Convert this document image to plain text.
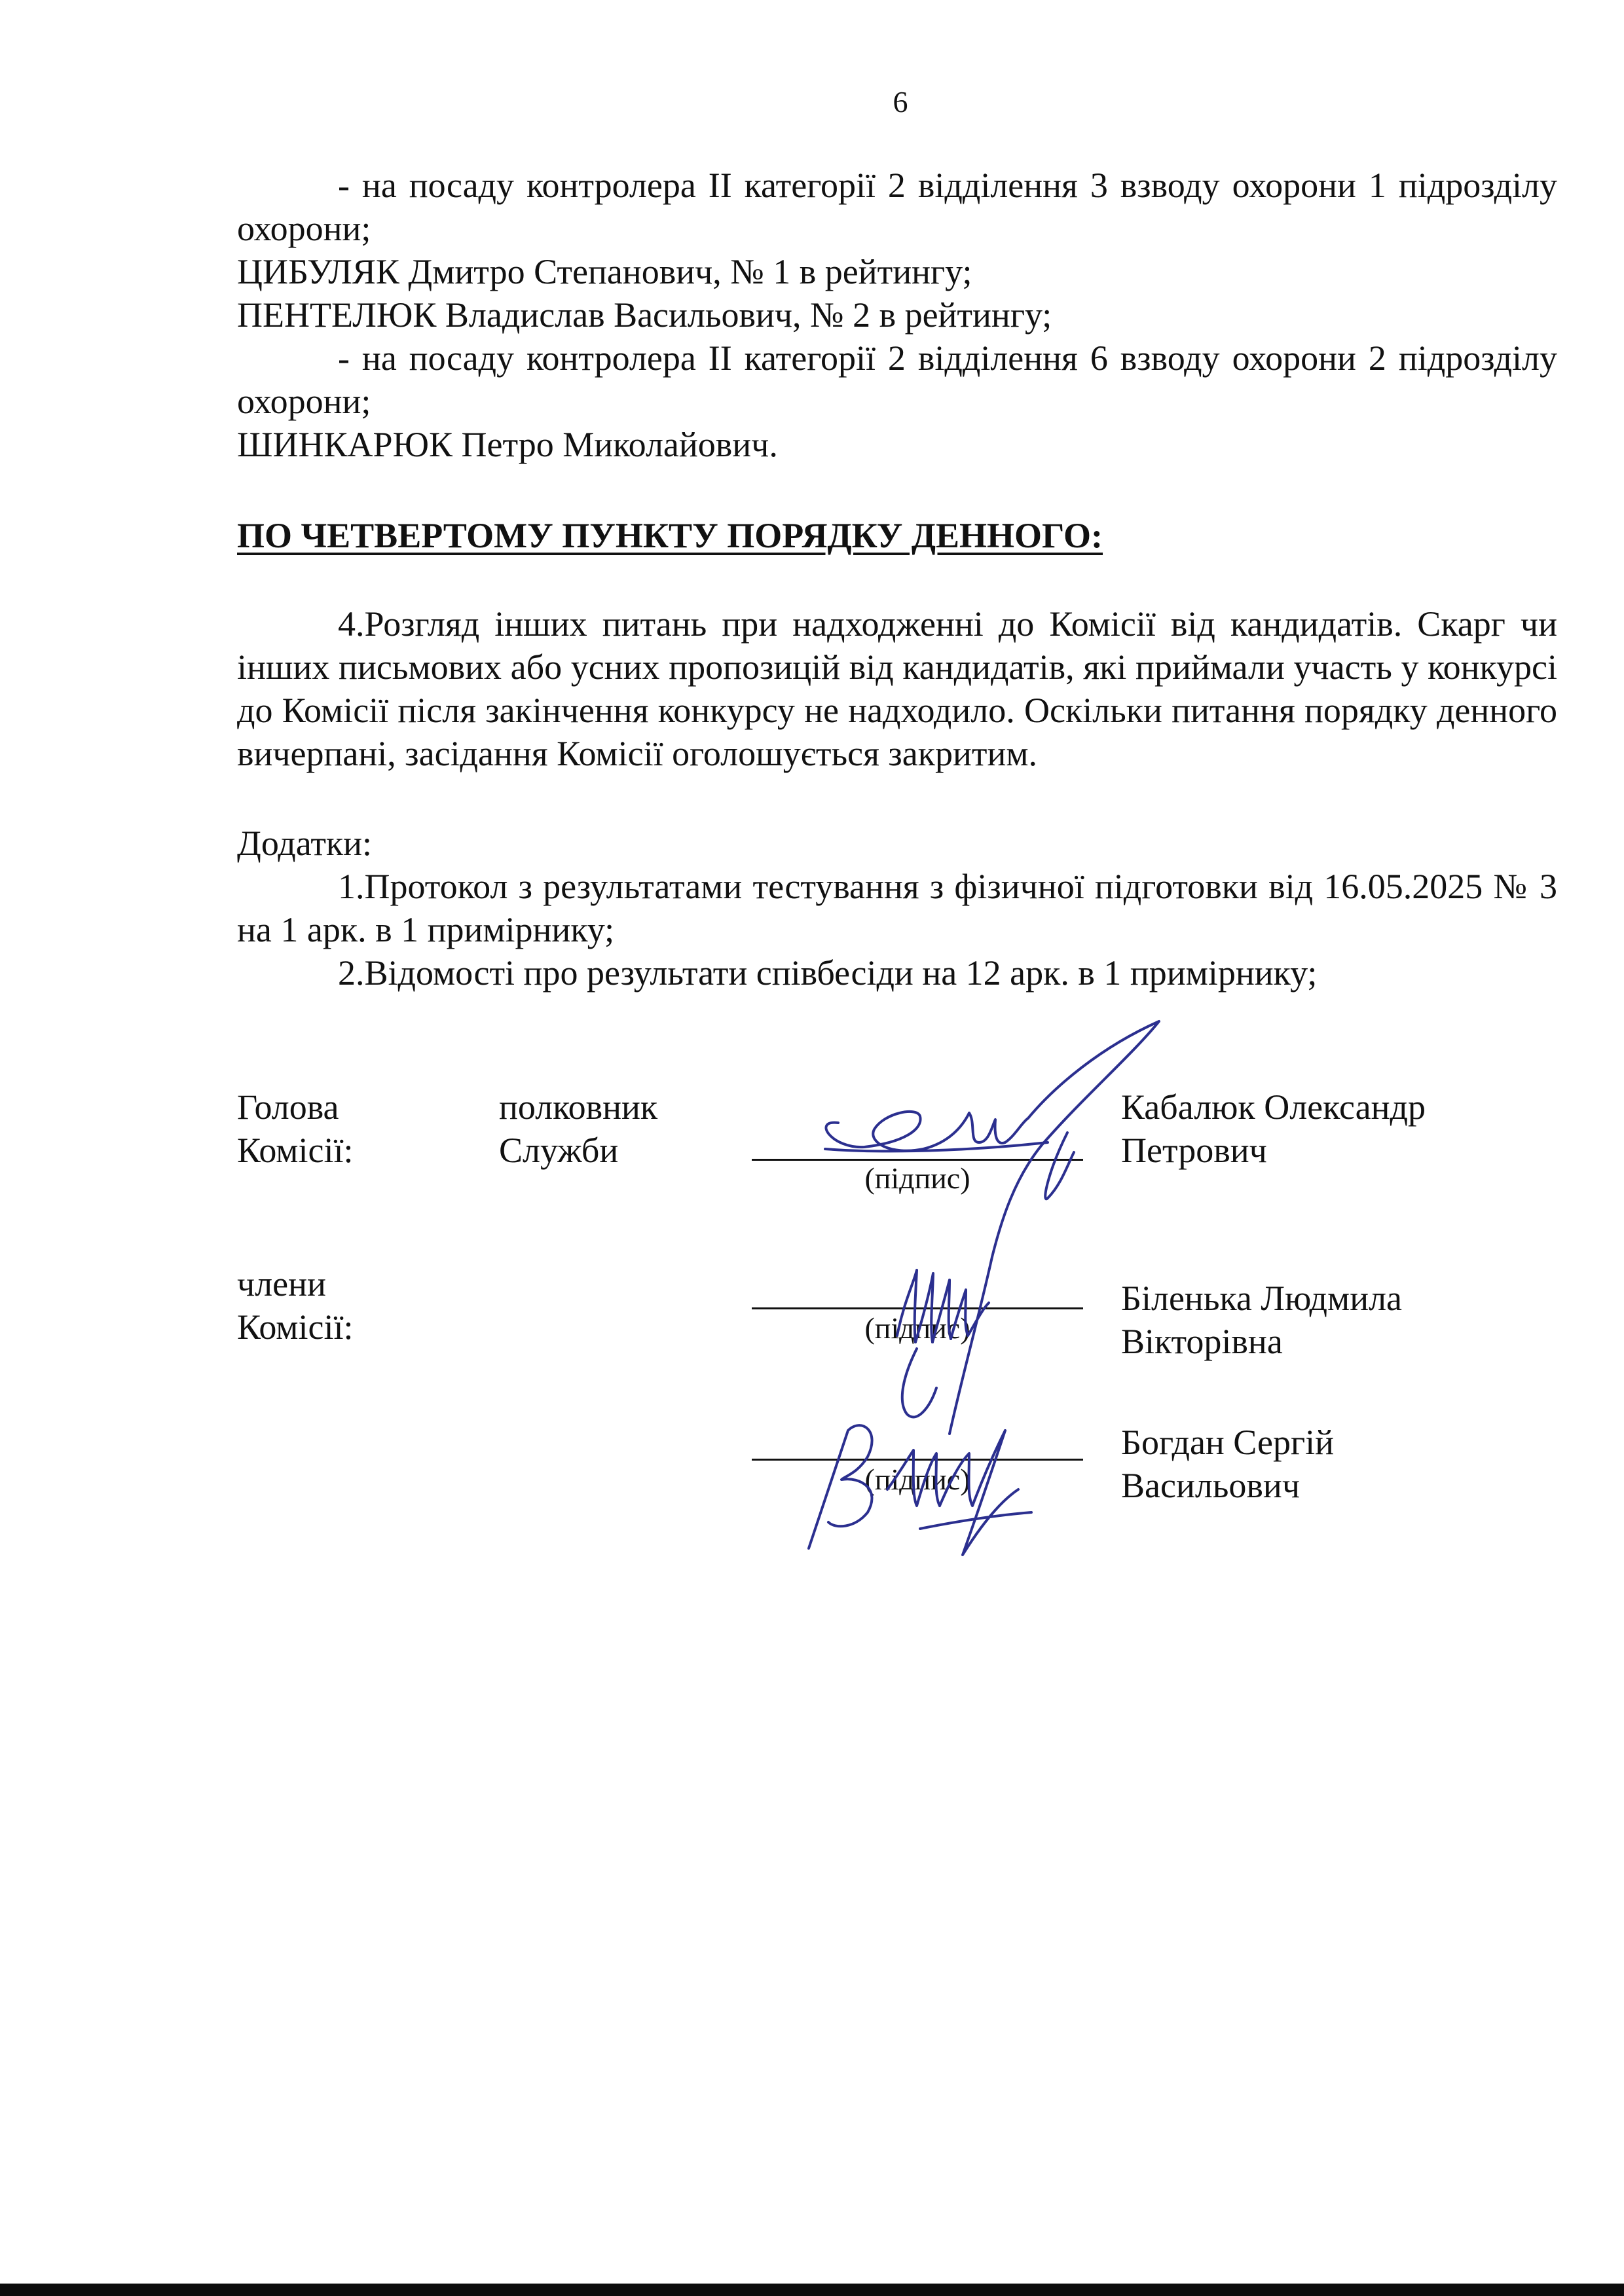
6

- на посаду контролера ІІ категорії 2 відділення 3 взводу охорони 1 підрозділу охорони;

ЦИБУЛЯК Дмитро Степанович, № 1 в рейтингу;

ПЕНТЕЛЮК Владислав Васильович, № 2 в рейтингу;

- на посаду контролера ІІ категорії 2 відділення 6 взводу охорони 2 підрозділу охорони;

ШИНКАРЮК Петро Миколайович.

ПО ЧЕТВЕРТОМУ ПУНКТУ ПОРЯДКУ ДЕННОГО:

4.Розгляд інших питань при надходженні до Комісії від кандидатів. Скарг чи інших письмових або усних пропозицій від кандидатів, які приймали участь у конкурсі до Комісії після закінчення конкурсу не надходило. Оскільки питання порядку денного вичерпані, засідання Комісії оголошується закритим.

Додатки:

1.Протокол з результатами тестування з фізичної підготовки від 16.05.2025 № 3 на 1 арк. в 1 примірнику;

2.Відомості про результати співбесіди на 12 арк. в 1 примірнику;

Голова
Комісії:
полковник
Служби
(підпис)
Кабалюк Олександр
Петрович
члени
Комісії:	(підпис)
Біленька Людмила
Вікторівна
(підпис)
Богдан Сергій
Васильович
